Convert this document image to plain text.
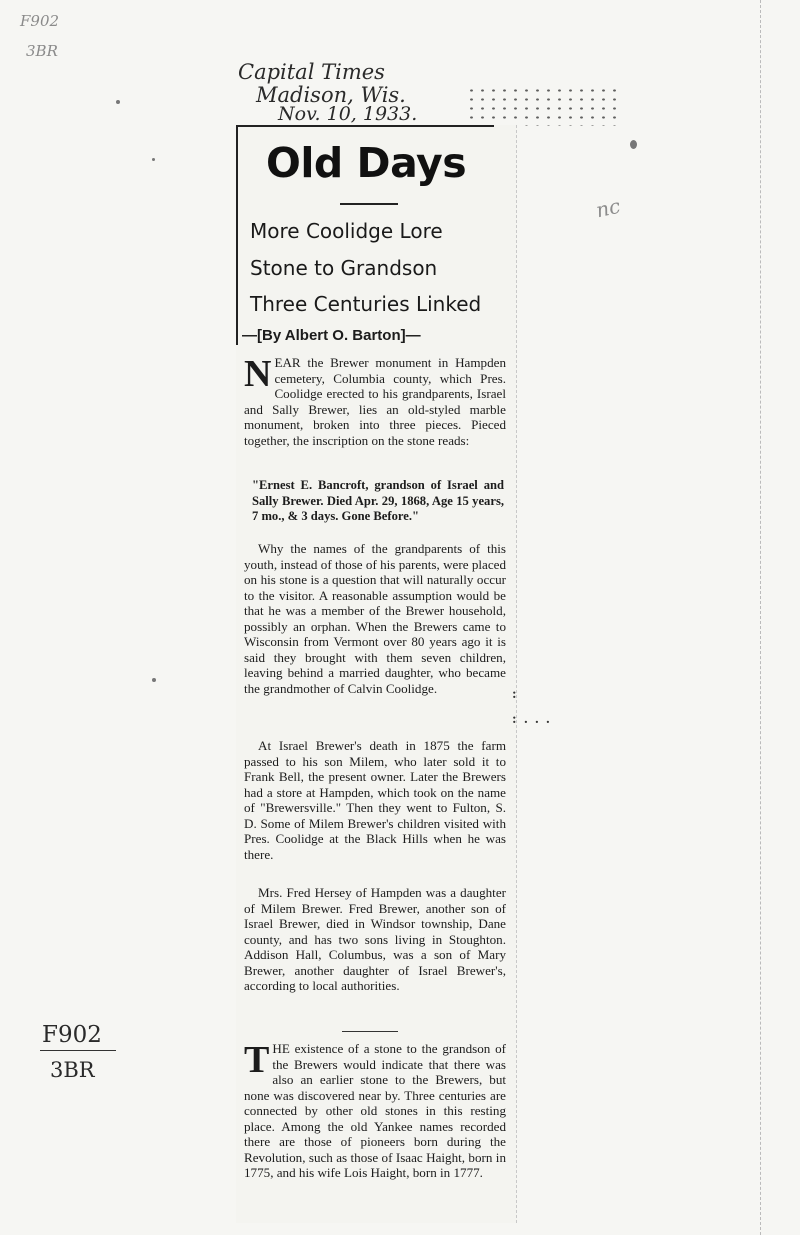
F902
3BR
Capital Times
Madison, Wis.
Nov. 10, 1933.
nc
F902
3BR
Old Days
More Coolidge Lore
Stone to Grandson
Three Centuries Linked
—[By Albert O. Barton]—

NEAR the Brewer monument in Hampden cemetery, Columbia county, which Pres. Coolidge erected to his grandparents, Israel and Sally Brewer, lies an old-styled marble monument, broken into three pieces. Pieced together, the inscription on the stone reads:

"Ernest E. Bancroft, grandson of Israel and Sally Brewer. Died Apr. 29, 1868, Age 15 years, 7 mo., & 3 days. Gone Before."

Why the names of the grandparents of this youth, instead of those of his parents, were placed on his stone is a question that will naturally occur to the visitor. A reasonable assumption would be that he was a member of the Brewer household, possibly an orphan. When the Brewers came to Wisconsin from Vermont over 80 years ago it is said they brought with them seven children, leaving behind a married daughter, who became the grandmother of Calvin Coolidge.

At Israel Brewer's death in 1875 the farm passed to his son Milem, who later sold it to Frank Bell, the present owner. Later the Brewers had a store at Hampden, which took on the name of "Brewersville." Then they went to Fulton, S. D. Some of Milem Brewer's children visited with Pres. Coolidge at the Black Hills when he was there.

Mrs. Fred Hersey of Hampden was a daughter of Milem Brewer. Fred Brewer, another son of Israel Brewer, died in Windsor township, Dane county, and has two sons living in Stoughton. Addison Hall, Columbus, was a son of Mary Brewer, another daughter of Israel Brewer's, according to local authorities.

THE existence of a stone to the grandson of the Brewers would indicate that there was also an earlier stone to the Brewers, but none was discovered near by. Three centuries are connected by other old stones in this resting place. Among the old Yankee names recorded there are those of pioneers born during the Revolution, such as those of Isaac Haight, born in 1775, and his wife Lois Haight, born in 1777.

:
: . . .
